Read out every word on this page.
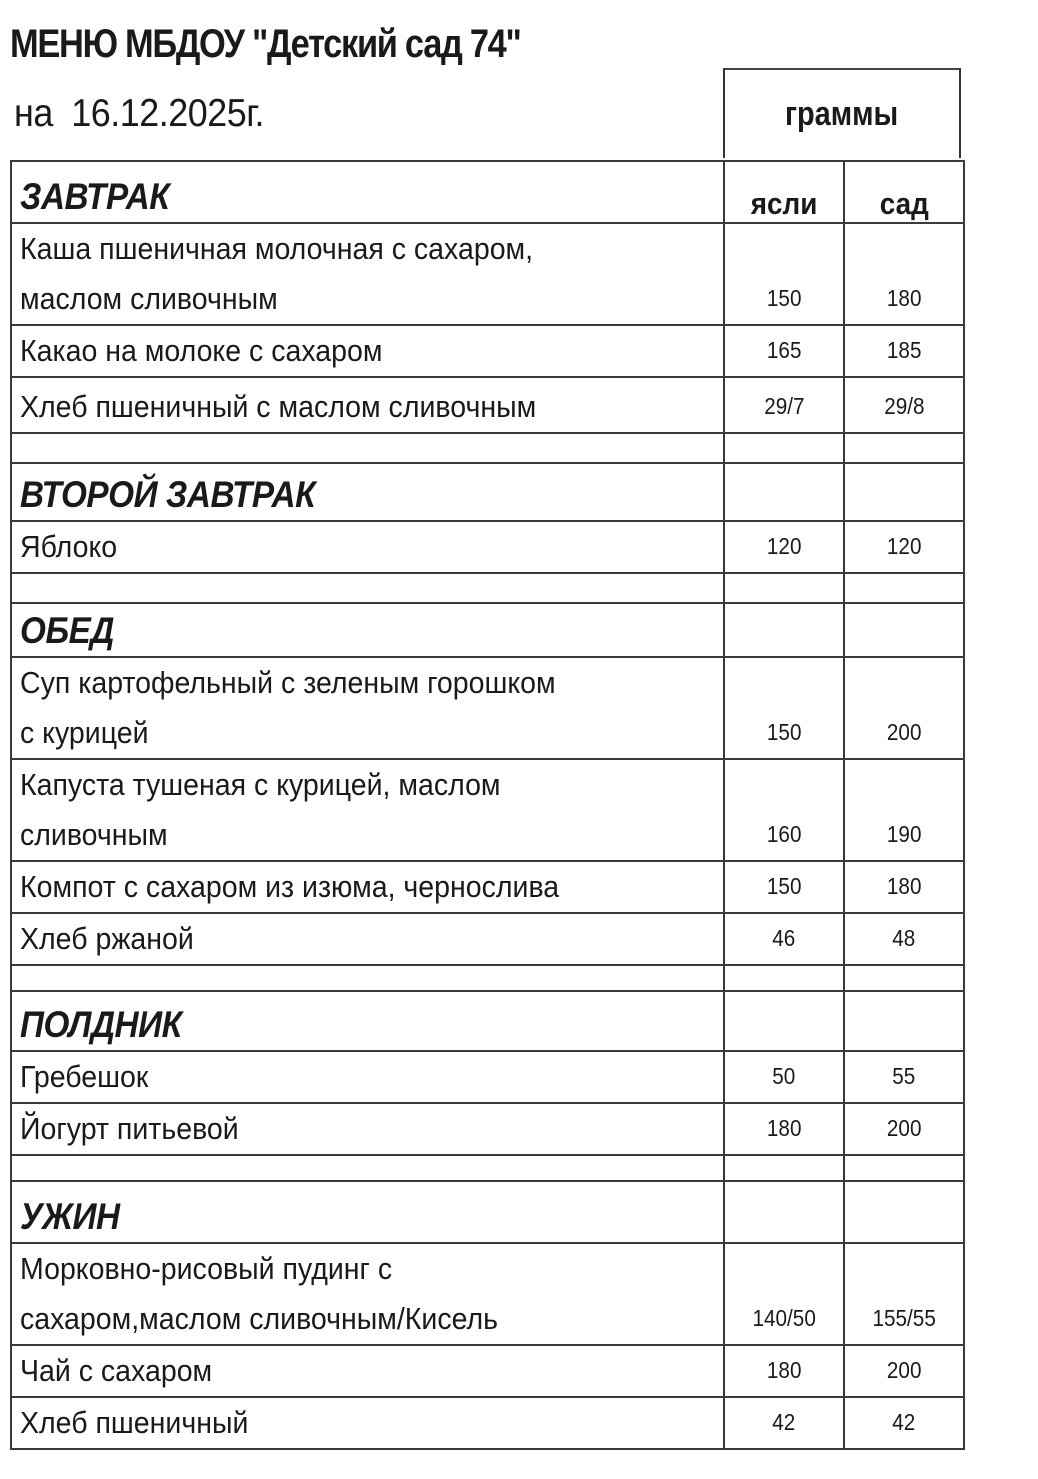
МЕНЮ МБДОУ "Детский сад 74"
на 16.12.2025г.	граммы
ЗАВТРАК	ясли	сад
Каша пшеничная молочная с сахаром,
маслом сливочным	150	180
Какао на молоке с сахаром	165	185
Хлеб пшеничный с маслом сливочным	29/7	29/8

ВТОРОЙ ЗАВТРАК		
Яблоко	120	120

ОБЕД		
Суп картофельный с зеленым горошком
с курицей	150	200
Капуста тушеная с курицей, маслом
сливочным	160	190
Компот с сахаром из изюма, чернослива	150	180
Хлеб ржаной	46	48

ПОЛДНИК		
Гребешок	50	55
Йогурт питьевой	180	200

УЖИН		
Морковно-рисовый пудинг с
сахаром,маслом сливочным/Кисель	140/50	155/55
Чай с сахаром	180	200
Хлеб пшеничный	42	42
